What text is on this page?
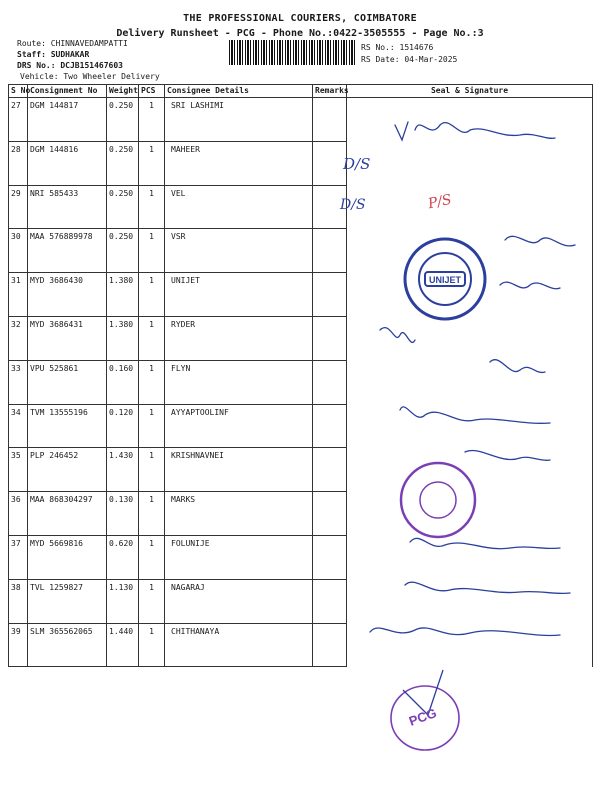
THE PROFESSIONAL COURIERS, COIMBATORE
Delivery Runsheet - PCG - Phone No.:0422-3505555 - Page No.:3
Route: CHINNAVEDAMPATTI
Staff: SUDHAKAR
DRS No.: DCJB151467603
Vehicle: Two Wheeler Delivery
RS No.: 1514676
RS Date: 04-Mar-2025
S No	Consignment No	Weight	PCS	Consignee Details	Remarks	Seal & Signature
27	DGM 144817	0.250	1	SRI LASHIMI		
28	DGM 144816	0.250	1	MAHEER		
29	NRI 585433	0.250	1	VEL		
30	MAA 576889978	0.250	1	VSR		
31	MYD 3686430	1.380	1	UNIJET		
32	MYD 3686431	1.380	1	RYDER		
33	VPU 525861	0.160	1	FLYN		
34	TVM 13555196	0.120	1	AYYAPTOOLINF		
35	PLP 246452	1.430	1	KRISHNAVNEI		
36	MAA 868304297	0.130	1	MARKS		
37	MYD 5669816	0.620	1	FOLUNIJE		
38	TVL 1259827	1.130	1	NAGARAJ		
39	SLM 365562065	1.440	1	CHITHANAYA		
D/S
D/S	P/S
UNIJET
PCG
